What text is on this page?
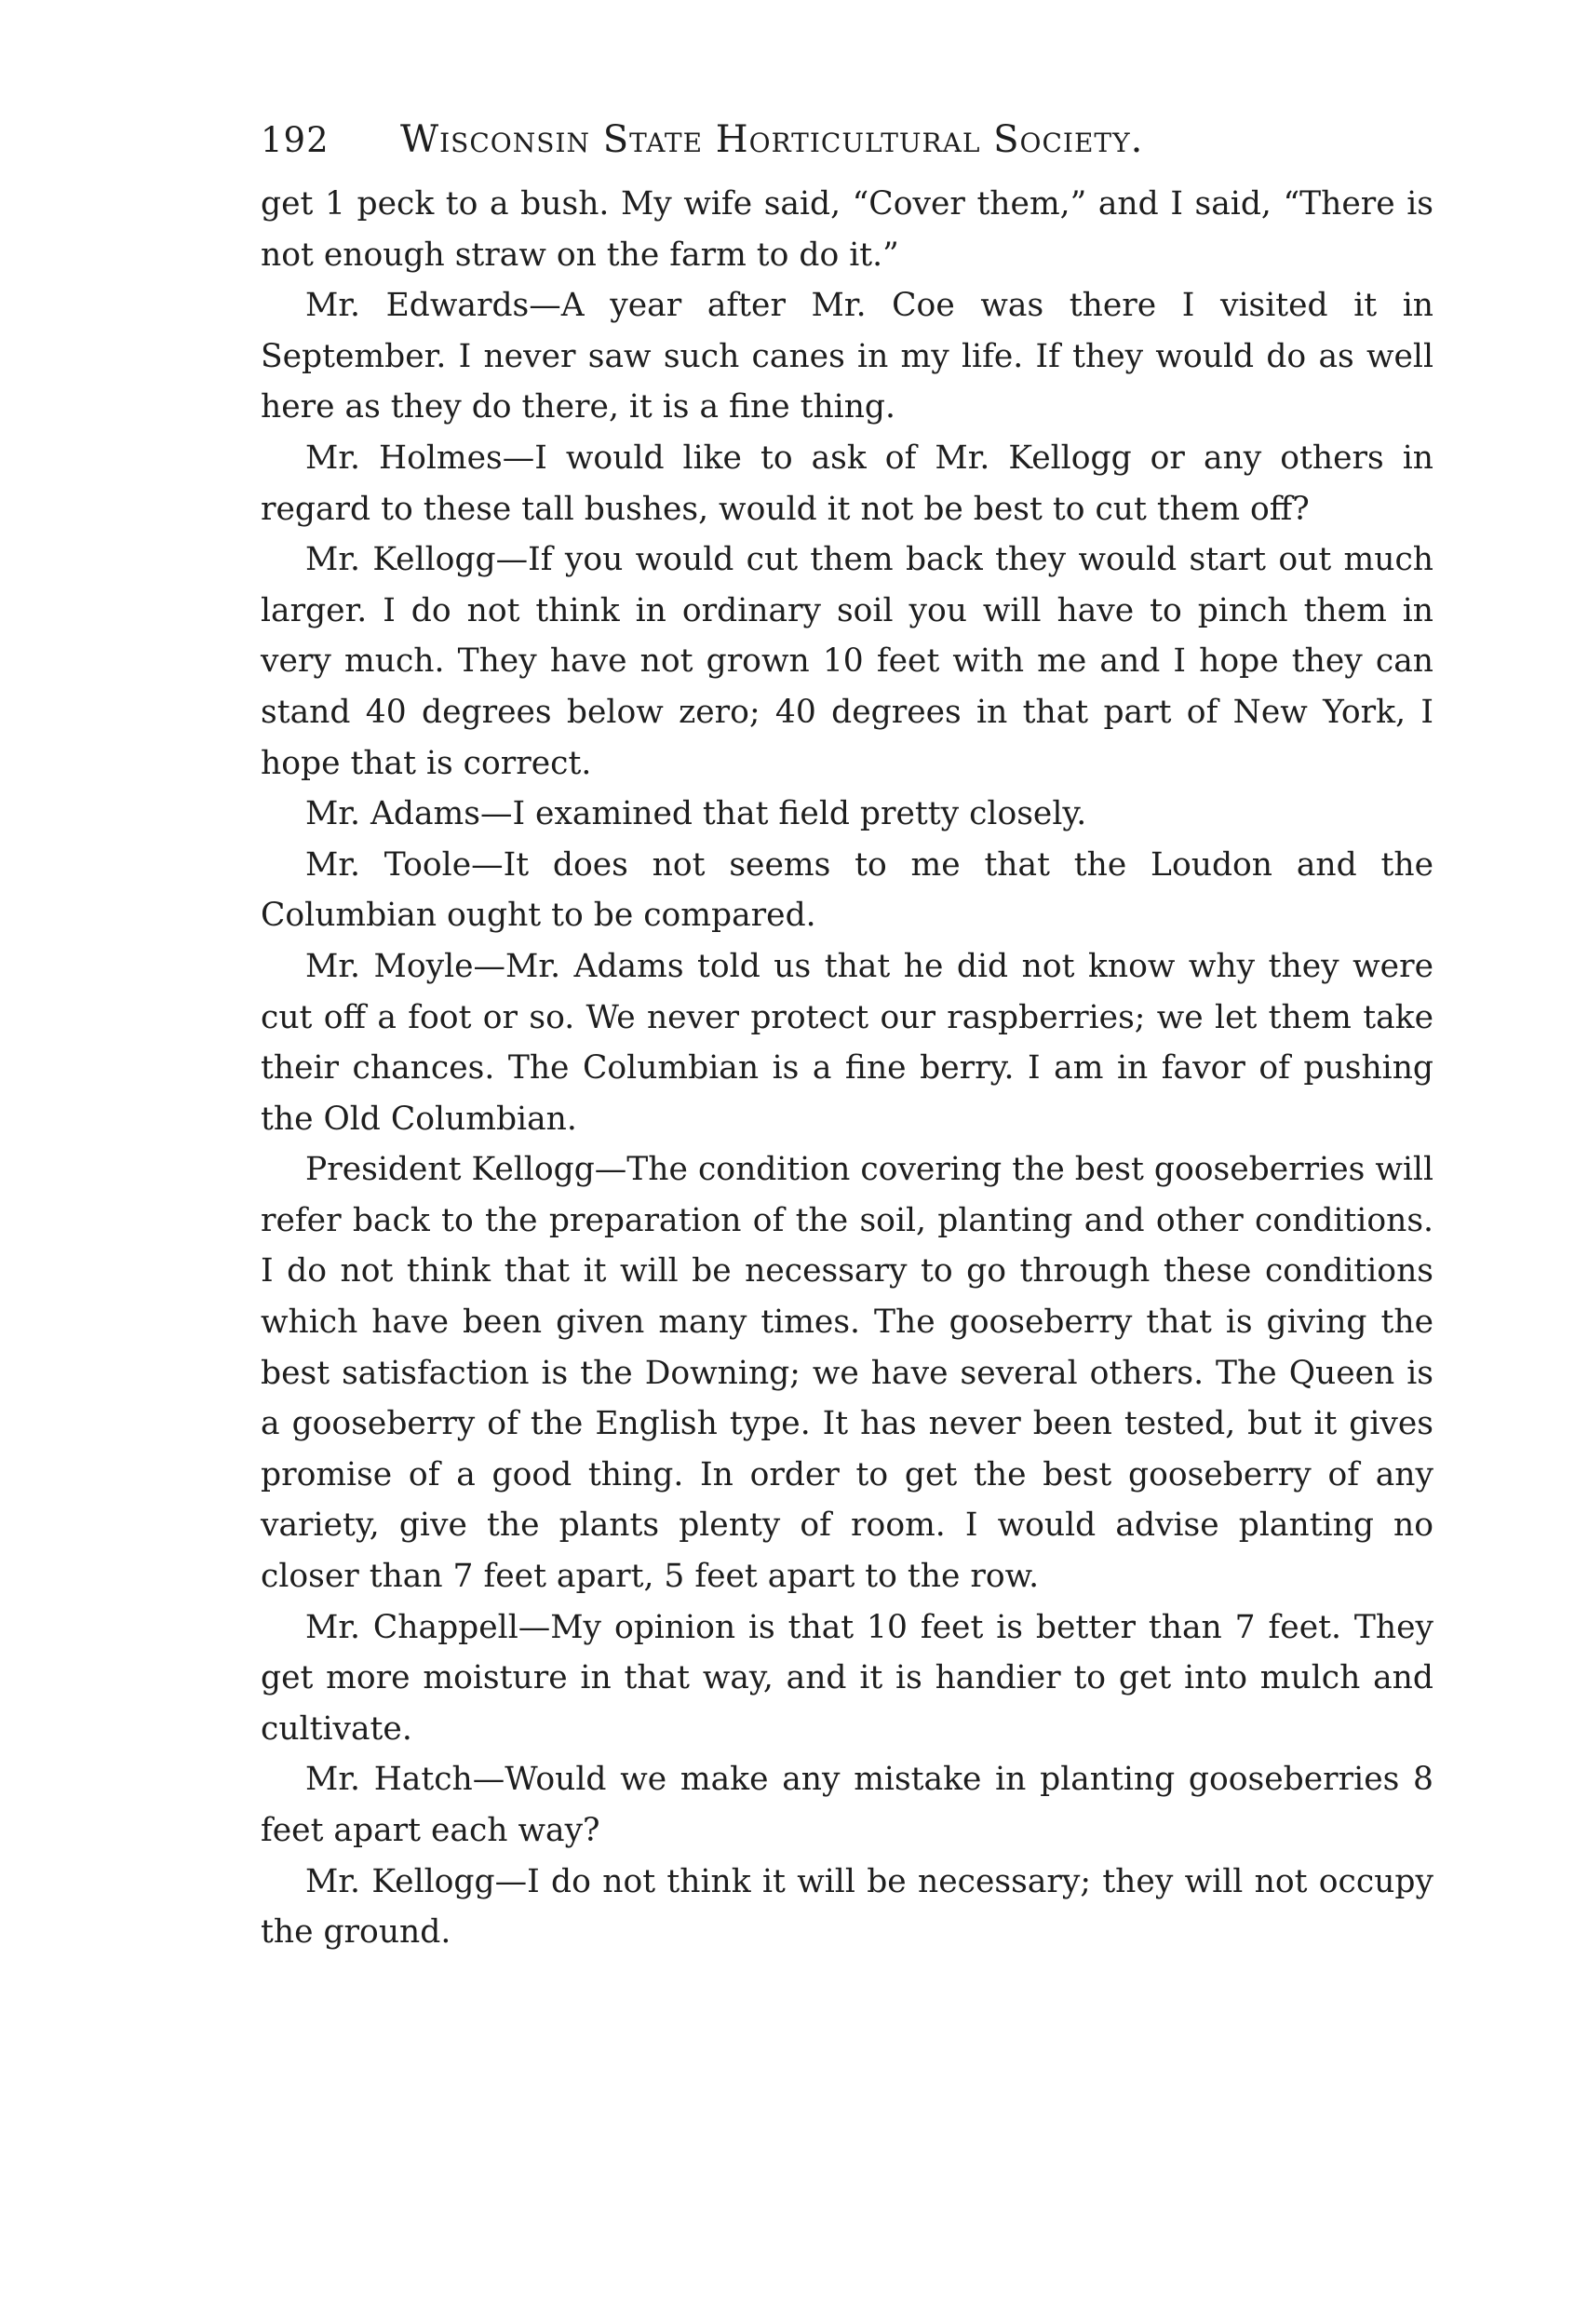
192	Wisconsin State Horticultural Society.

get 1 peck to a bush. My wife said, “Cover them,” and I said, “There is not enough straw on the farm to do it.”

Mr. Edwards—A year after Mr. Coe was there I visited it in September. I never saw such canes in my life. If they would do as well here as they do there, it is a fine thing.

Mr. Holmes—I would like to ask of Mr. Kellogg or any others in regard to these tall bushes, would it not be best to cut them off?

Mr. Kellogg—If you would cut them back they would start out much larger. I do not think in ordinary soil you will have to pinch them in very much. They have not grown 10 feet with me and I hope they can stand 40 degrees below zero; 40 degrees in that part of New York, I hope that is correct.

Mr. Adams—I examined that field pretty closely.

Mr. Toole—It does not seems to me that the Loudon and the Columbian ought to be compared.

Mr. Moyle—Mr. Adams told us that he did not know why they were cut off a foot or so. We never protect our raspberries; we let them take their chances. The Columbian is a fine berry. I am in favor of pushing the Old Columbian.

President Kellogg—The condition covering the best gooseberries will refer back to the preparation of the soil, planting and other conditions. I do not think that it will be necessary to go through these conditions which have been given many times. The gooseberry that is giving the best satisfaction is the Downing; we have several others. The Queen is a gooseberry of the English type. It has never been tested, but it gives promise of a good thing. In order to get the best gooseberry of any variety, give the plants plenty of room. I would advise planting no closer than 7 feet apart, 5 feet apart to the row.

Mr. Chappell—My opinion is that 10 feet is better than 7 feet. They get more moisture in that way, and it is handier to get into mulch and cultivate.

Mr. Hatch—Would we make any mistake in planting gooseberries 8 feet apart each way?

Mr. Kellogg—I do not think it will be necessary; they will not occupy the ground.
